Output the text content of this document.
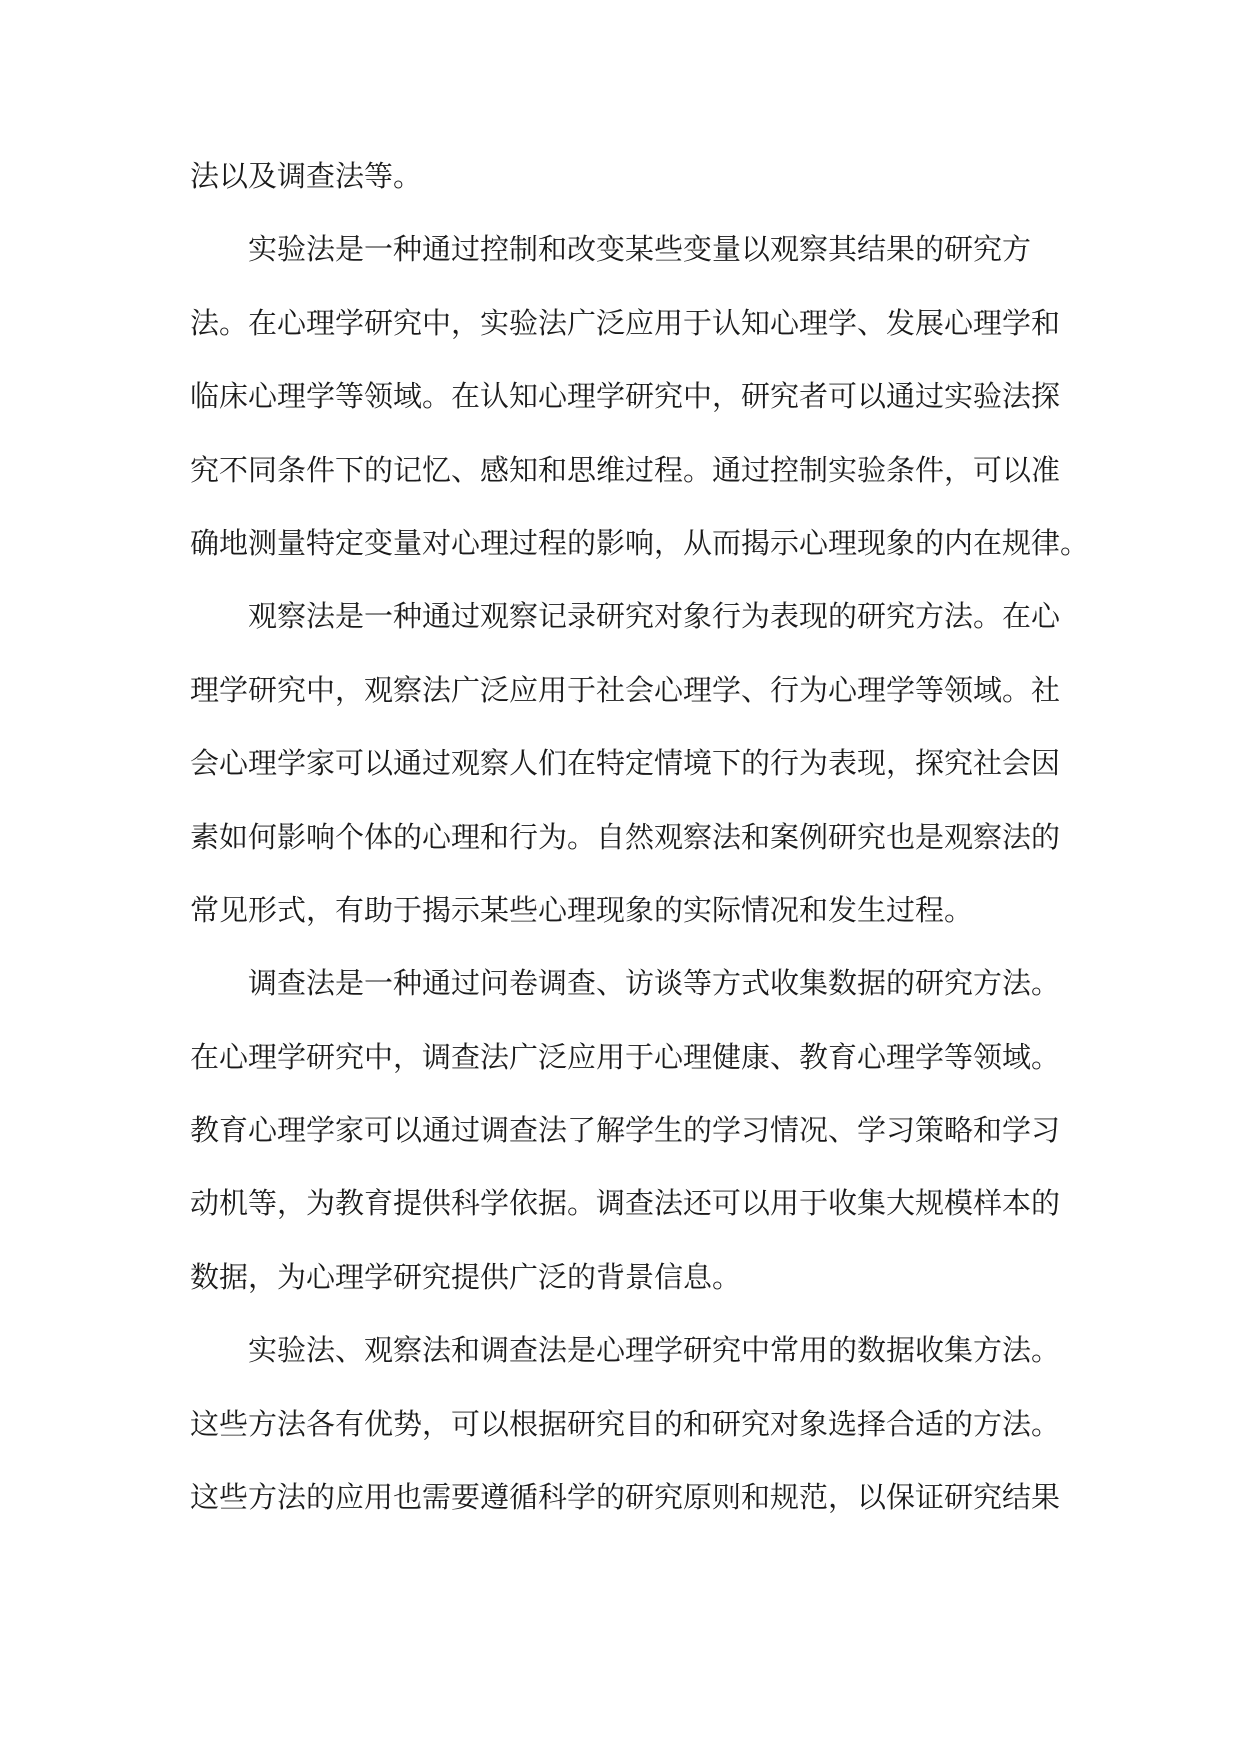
法以及调查法等。
实验法是一种通过控制和改变某些变量以观察其结果的研究方
法。在心理学研究中，实验法广泛应用于认知心理学、发展心理学和
临床心理学等领域。在认知心理学研究中，研究者可以通过实验法探
究不同条件下的记忆、感知和思维过程。通过控制实验条件，可以准
确地测量特定变量对心理过程的影响，从而揭示心理现象的内在规律。
观察法是一种通过观察记录研究对象行为表现的研究方法。在心
理学研究中，观察法广泛应用于社会心理学、行为心理学等领域。社
会心理学家可以通过观察人们在特定情境下的行为表现，探究社会因
素如何影响个体的心理和行为。自然观察法和案例研究也是观察法的
常见形式，有助于揭示某些心理现象的实际情况和发生过程。
调查法是一种通过问卷调查、访谈等方式收集数据的研究方法。
在心理学研究中，调查法广泛应用于心理健康、教育心理学等领域。
教育心理学家可以通过调查法了解学生的学习情况、学习策略和学习
动机等，为教育提供科学依据。调查法还可以用于收集大规模样本的
数据，为心理学研究提供广泛的背景信息。
实验法、观察法和调查法是心理学研究中常用的数据收集方法。
这些方法各有优势，可以根据研究目的和研究对象选择合适的方法。
这些方法的应用也需要遵循科学的研究原则和规范，以保证研究结果
